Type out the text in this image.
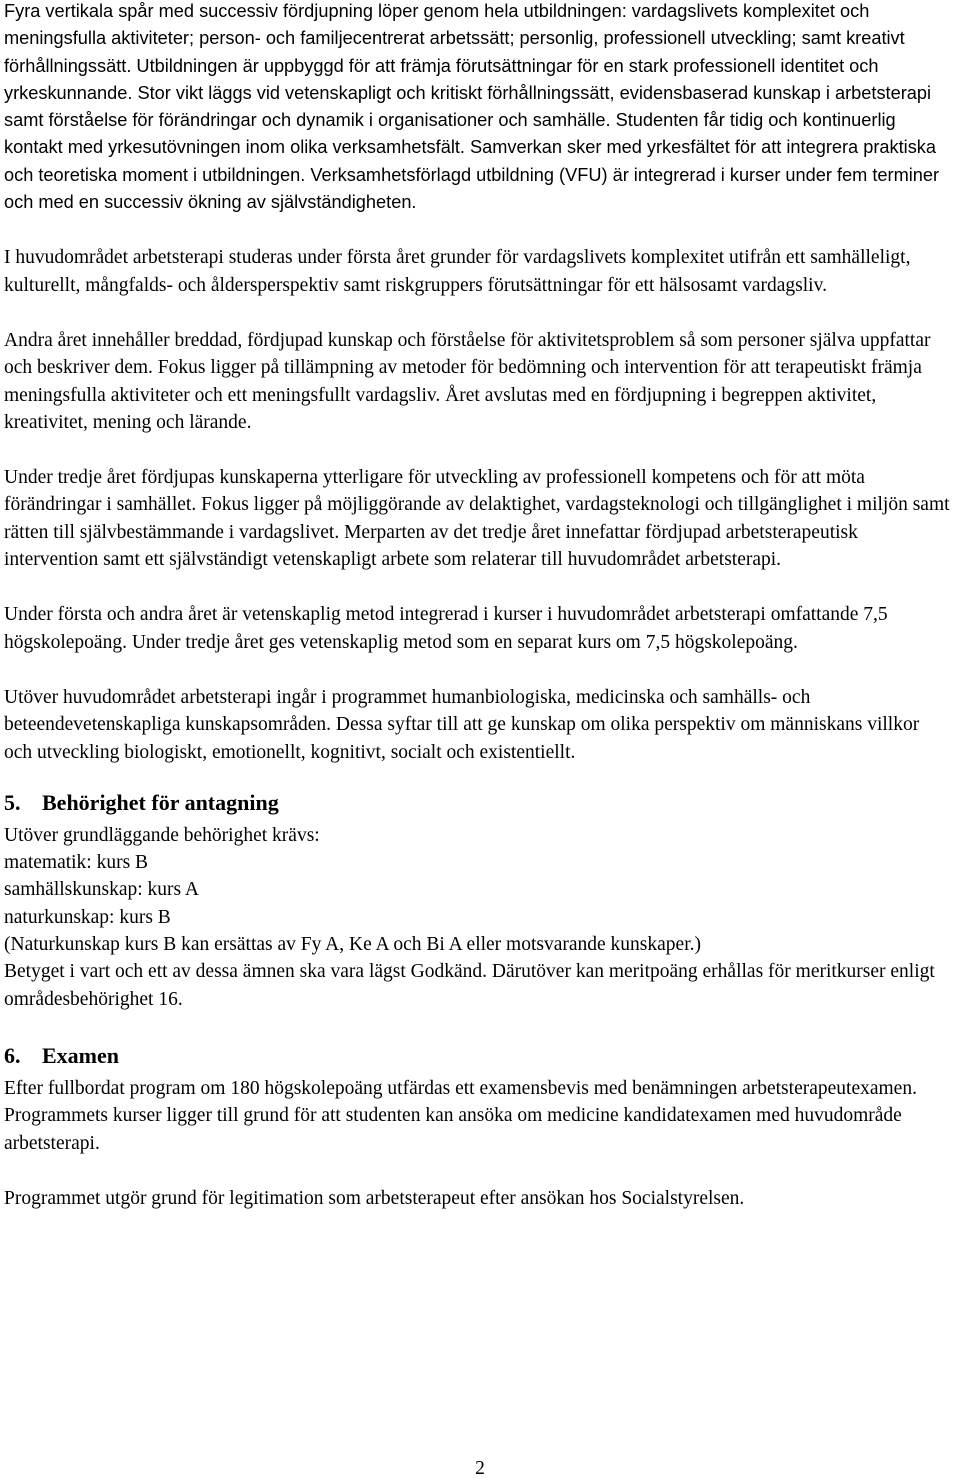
Fyra vertikala spår med successiv fördjupning löper genom hela utbildningen: vardagslivets komplexitet och meningsfulla aktiviteter; person- och familjecentrerat arbetssätt; personlig, professionell utveckling; samt kreativt förhållningssätt. Utbildningen är uppbyggd för att främja förutsättningar för en stark professionell identitet och yrkeskunnande. Stor vikt läggs vid vetenskapligt och kritiskt förhållningssätt, evidensbaserad kunskap i arbetsterapi samt förståelse för förändringar och dynamik i organisationer och samhälle. Studenten får tidig och kontinuerlig kontakt med yrkesutövningen inom olika verksamhetsfält. Samverkan sker med yrkesfältet för att integrera praktiska och teoretiska moment i utbildningen. Verksamhetsförlagd utbildning (VFU) är integrerad i kurser under fem terminer och med en successiv ökning av självständigheten.

I huvudområdet arbetsterapi studeras under första året grunder för vardagslivets komplexitet utifrån ett samhälleligt, kulturellt, mångfalds- och åldersperspektiv samt riskgruppers förutsättningar för ett hälsosamt vardagsliv.

Andra året innehåller breddad, fördjupad kunskap och förståelse för aktivitetsproblem så som personer själva uppfattar och beskriver dem. Fokus ligger på tillämpning av metoder för bedömning och intervention för att terapeutiskt främja meningsfulla aktiviteter och ett meningsfullt vardagsliv. Året avslutas med en fördjupning i begreppen aktivitet, kreativitet, mening och lärande.

Under tredje året fördjupas kunskaperna ytterligare för utveckling av professionell kompetens och för att möta förändringar i samhället. Fokus ligger på möjliggörande av delaktighet, vardagsteknologi och tillgänglighet i miljön samt rätten till självbestämmande i vardagslivet. Merparten av det tredje året innefattar fördjupad arbetsterapeutisk intervention samt ett självständigt vetenskapligt arbete som relaterar till huvudområdet arbetsterapi.

Under första och andra året är vetenskaplig metod integrerad i kurser i huvudområdet arbetsterapi omfattande 7,5 högskolepoäng. Under tredje året ges vetenskaplig metod som en separat kurs om 7,5 högskolepoäng.

Utöver huvudområdet arbetsterapi ingår i programmet humanbiologiska, medicinska och samhälls- och beteendevetenskapliga kunskapsområden. Dessa syftar till att ge kunskap om olika perspektiv om människans villkor och utveckling biologiskt, emotionellt, kognitivt, socialt och existentiellt.

5. Behörighet för antagning
Utöver grundläggande behörighet krävs:
matematik: kurs B
samhällskunskap: kurs A
naturkunskap: kurs B
(Naturkunskap kurs B kan ersättas av Fy A, Ke A och Bi A eller motsvarande kunskaper.)
Betyget i vart och ett av dessa ämnen ska vara lägst Godkänd. Därutöver kan meritpoäng erhållas för meritkurser enligt områdesbehörighet 16.
6. Examen

Efter fullbordat program om 180 högskolepoäng utfärdas ett examensbevis med benämningen arbetsterapeutexamen. Programmets kurser ligger till grund för att studenten kan ansöka om medicine kandidatexamen med huvudområde arbetsterapi.

Programmet utgör grund för legitimation som arbetsterapeut efter ansökan hos Socialstyrelsen.

2
